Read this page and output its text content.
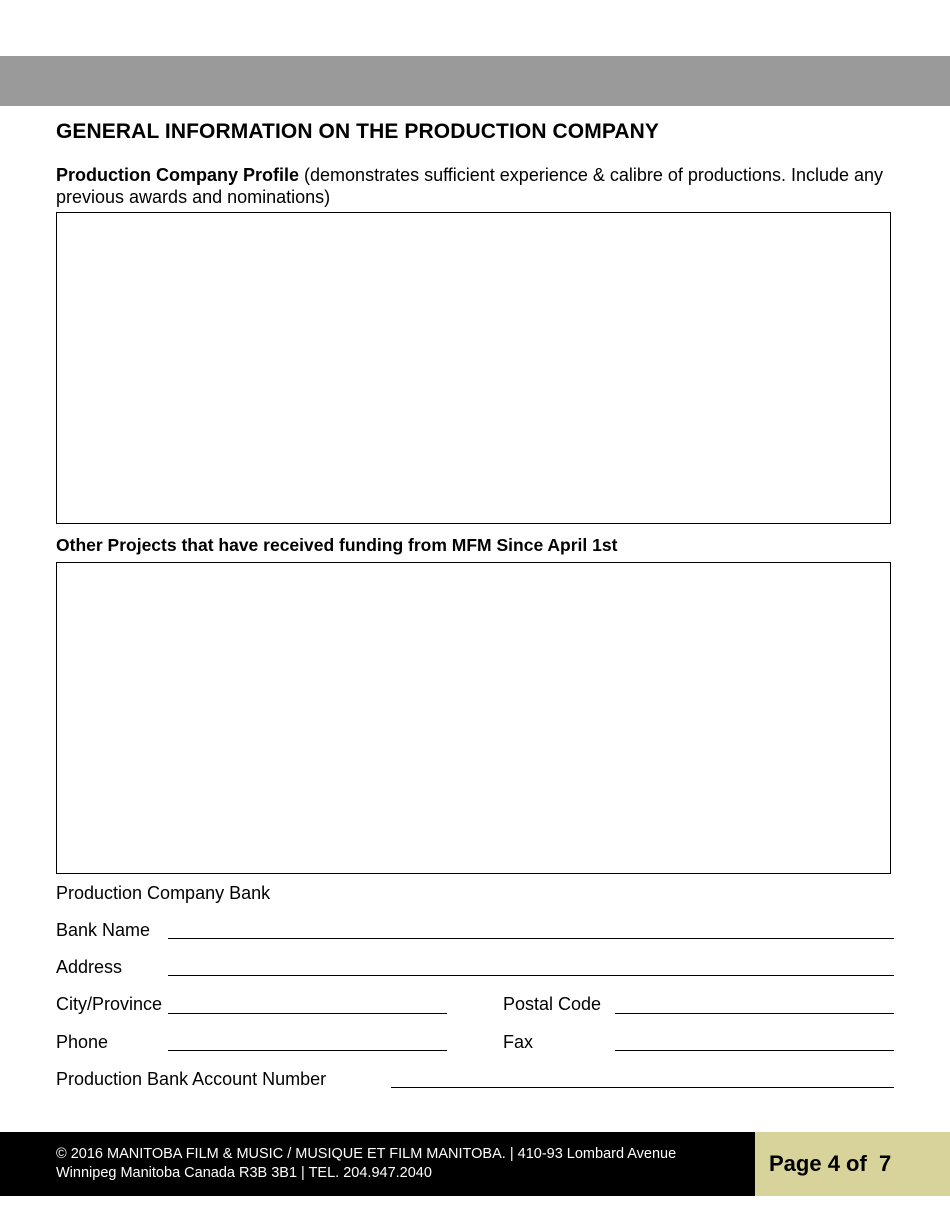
GENERAL INFORMATION ON THE PRODUCTION COMPANY
Production Company Profile (demonstrates sufficient experience & calibre of productions. Include any previous awards and nominations)
Other Projects that have received funding from MFM Since April 1st
Production Company Bank
Bank Name
Address
City/Province	Postal Code
Phone	Fax
Production Bank Account Number
© 2016 MANITOBA FILM & MUSIC / MUSIQUE ET FILM MANITOBA. | 410-93 Lombard Avenue
Winnipeg Manitoba Canada R3B 3B1 | TEL. 204.947.2040	Page 4 of  7
